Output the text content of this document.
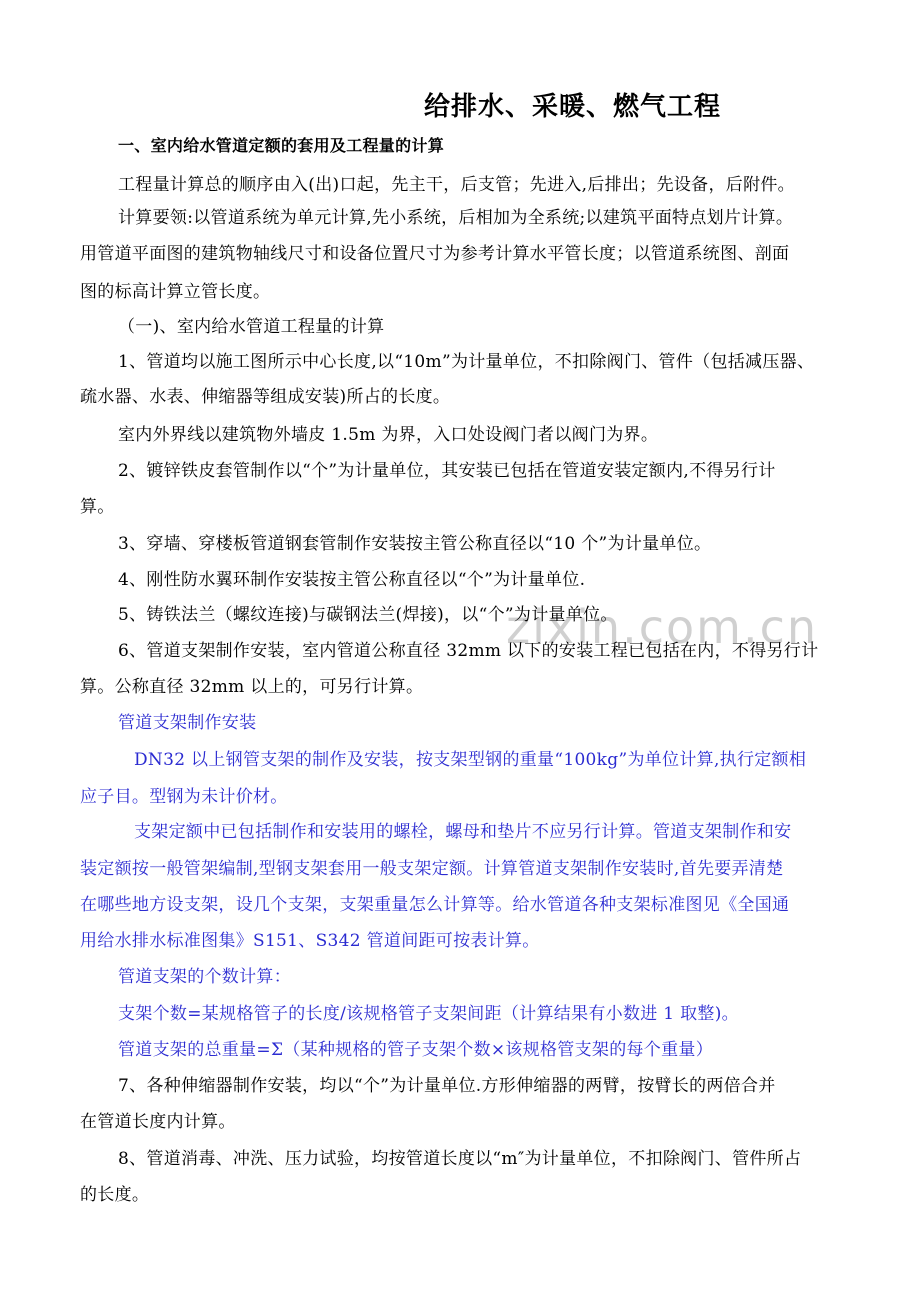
zixin.com.cn
给排水、采暖、燃气工程
一、室内给水管道定额的套用及工程量的计算
工程量计算总的顺序由入(出)口起，先主干，后支管；先进入,后排出；先设备，后附件。
计算要领:以管道系统为单元计算,先小系统，后相加为全系统;以建筑平面特点划片计算。
用管道平面图的建筑物轴线尺寸和设备位置尺寸为参考计算水平管长度；以管道系统图、剖面
图的标高计算立管长度。
（一)、室内给水管道工程量的计算
1、管道均以施工图所示中心长度,以“10m”为计量单位，不扣除阀门、管件（包括减压器、
疏水器、水表、伸缩器等组成安装)所占的长度。
室内外界线以建筑物外墙皮 1.5m 为界，入口处设阀门者以阀门为界。
2、镀锌铁皮套管制作以“个”为计量单位，其安装已包括在管道安装定额内,不得另行计
算。
3、穿墙、穿楼板管道钢套管制作安装按主管公称直径以“10 个”为计量单位。
4、刚性防水翼环制作安装按主管公称直径以“个”为计量单位.
5、铸铁法兰（螺纹连接)与碳钢法兰(焊接)，以“个”为计量单位。
6、管道支架制作安装，室内管道公称直径 32mm 以下的安装工程已包括在内，不得另行计
算。公称直径 32mm 以上的，可另行计算。
管道支架制作安装
DN32 以上钢管支架的制作及安装，按支架型钢的重量“100kg”为单位计算,执行定额相
应子目。型钢为未计价材。
支架定额中已包括制作和安装用的螺栓，螺母和垫片不应另行计算。管道支架制作和安
装定额按一般管架编制,型钢支架套用一般支架定额。计算管道支架制作安装时,首先要弄清楚
在哪些地方设支架，设几个支架，支架重量怎么计算等。给水管道各种支架标准图见《全国通
用给水排水标准图集》S151、S342 管道间距可按表计算。
管道支架的个数计算：
支架个数=某规格管子的长度/该规格管子支架间距（计算结果有小数进 1 取整)。
管道支架的总重量=Σ（某种规格的管子支架个数×该规格管支架的每个重量）
7、各种伸缩器制作安装，均以“个”为计量单位.方形伸缩器的两臂，按臂长的两倍合并
在管道长度内计算。
8、管道消毒、冲洗、压力试验，均按管道长度以“m″为计量单位，不扣除阀门、管件所占
的长度。
